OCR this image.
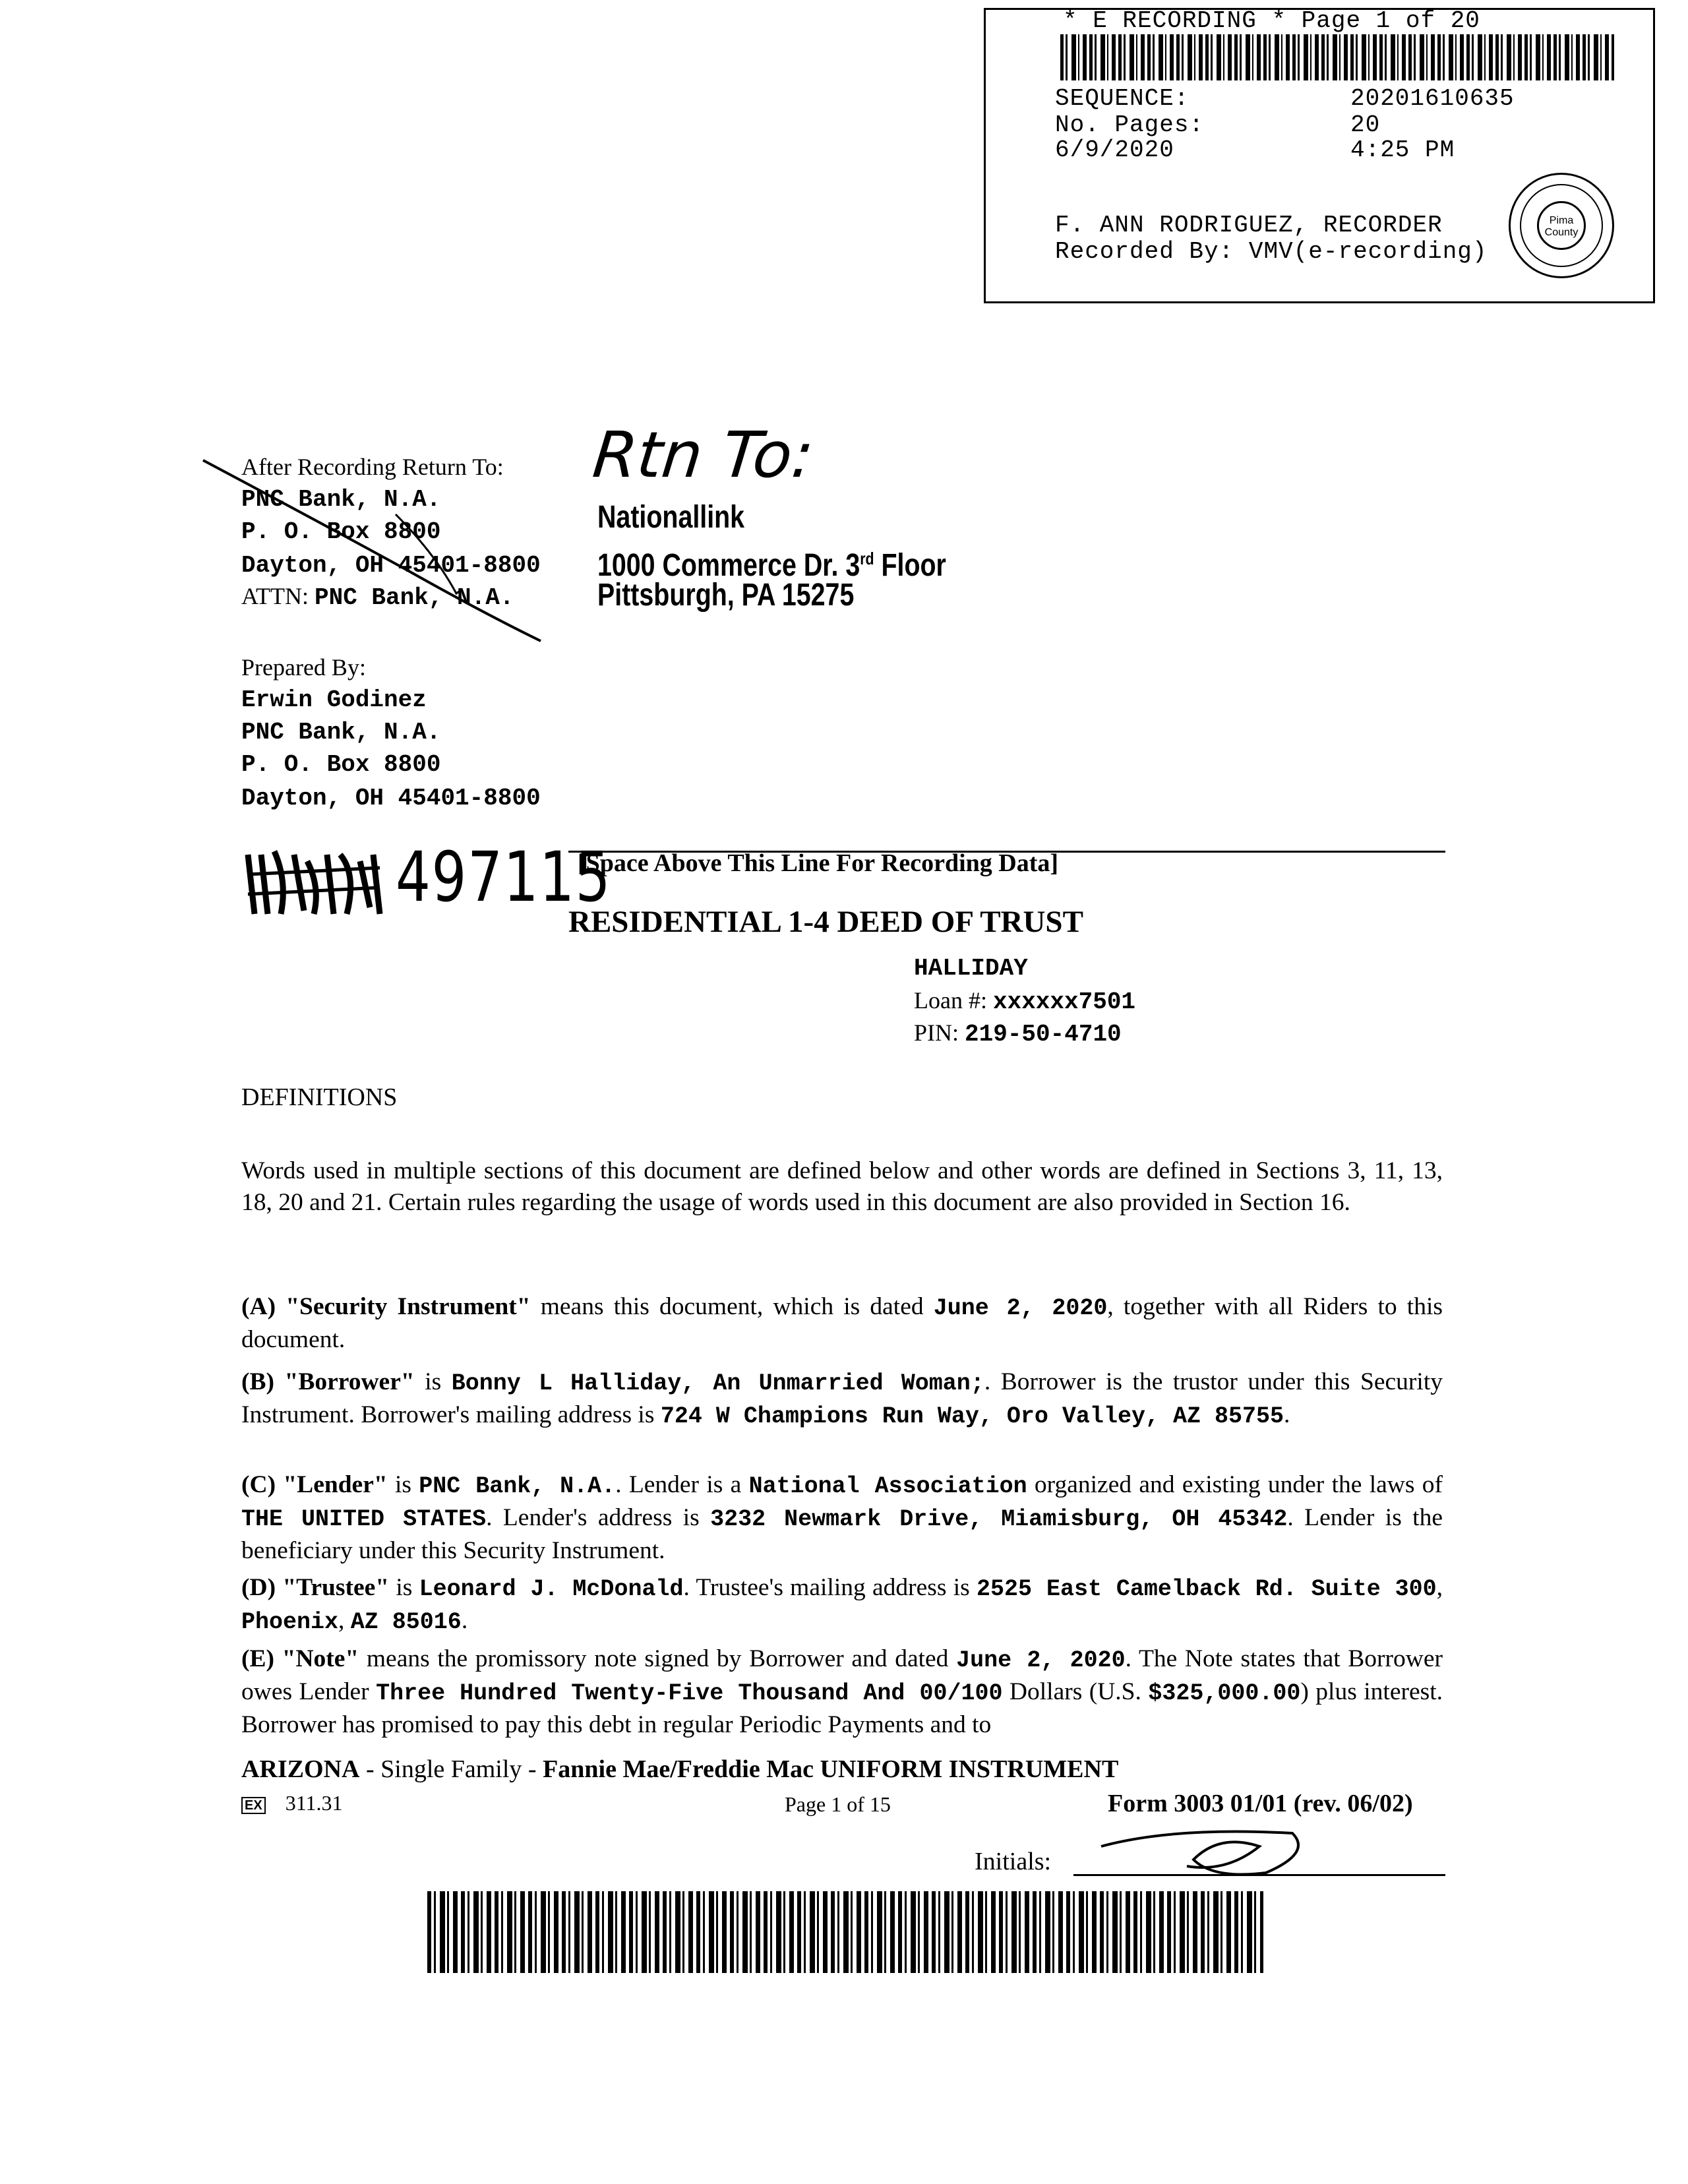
* E RECORDING * Page 1 of 20
SEQUENCE:	20201610635
No. Pages:	20
6/9/2020	4:25 PM
F. ANN RODRIGUEZ, RECORDER
Recorded By: VMV(e-recording)
Pima County
After Recording Return To:
PNC Bank, N.A.
P. O. Box 8800
Dayton, OH 45401-8800
ATTN: PNC Bank, N.A.
Rtn To:
Nationallink
1000 Commerce Dr. 3rd Floor
Pittsburgh, PA 15275
Prepared By:
Erwin Godinez
PNC Bank, N.A.
P. O. Box 8800
Dayton, OH 45401-8800
497115
[Space Above This Line For Recording Data]
RESIDENTIAL 1-4 DEED OF TRUST
HALLIDAY
Loan #: xxxxxx7501
PIN: 219-50-4710
DEFINITIONS
Words used in multiple sections of this document are defined below and other words are defined in Sections 3, 11, 13, 18, 20 and 21. Certain rules regarding the usage of words used in this document are also provided in Section 16.
(A) "Security Instrument" means this document, which is dated June 2, 2020, together with all Riders to this document.
(B) "Borrower" is Bonny L Halliday, An Unmarried Woman;. Borrower is the trustor under this Security Instrument. Borrower's mailing address is 724 W Champions Run Way, Oro Valley, AZ 85755.
(C) "Lender" is PNC Bank, N.A.. Lender is a National Association organized and existing under the laws of THE UNITED STATES. Lender's address is 3232 Newmark Drive, Miamisburg, OH 45342. Lender is the beneficiary under this Security Instrument.
(D) "Trustee" is Leonard J. McDonald. Trustee's mailing address is 2525 East Camelback Rd. Suite 300, Phoenix, AZ 85016.
(E) "Note" means the promissory note signed by Borrower and dated June 2, 2020. The Note states that Borrower owes Lender Three Hundred Twenty-Five Thousand And 00/100 Dollars (U.S. $325,000.00) plus interest. Borrower has promised to pay this debt in regular Periodic Payments and to
ARIZONA - Single Family - Fannie Mae/Freddie Mac UNIFORM INSTRUMENT
EX 311.31	Page 1 of 15	Form 3003 01/01 (rev. 06/02)
Initials:
